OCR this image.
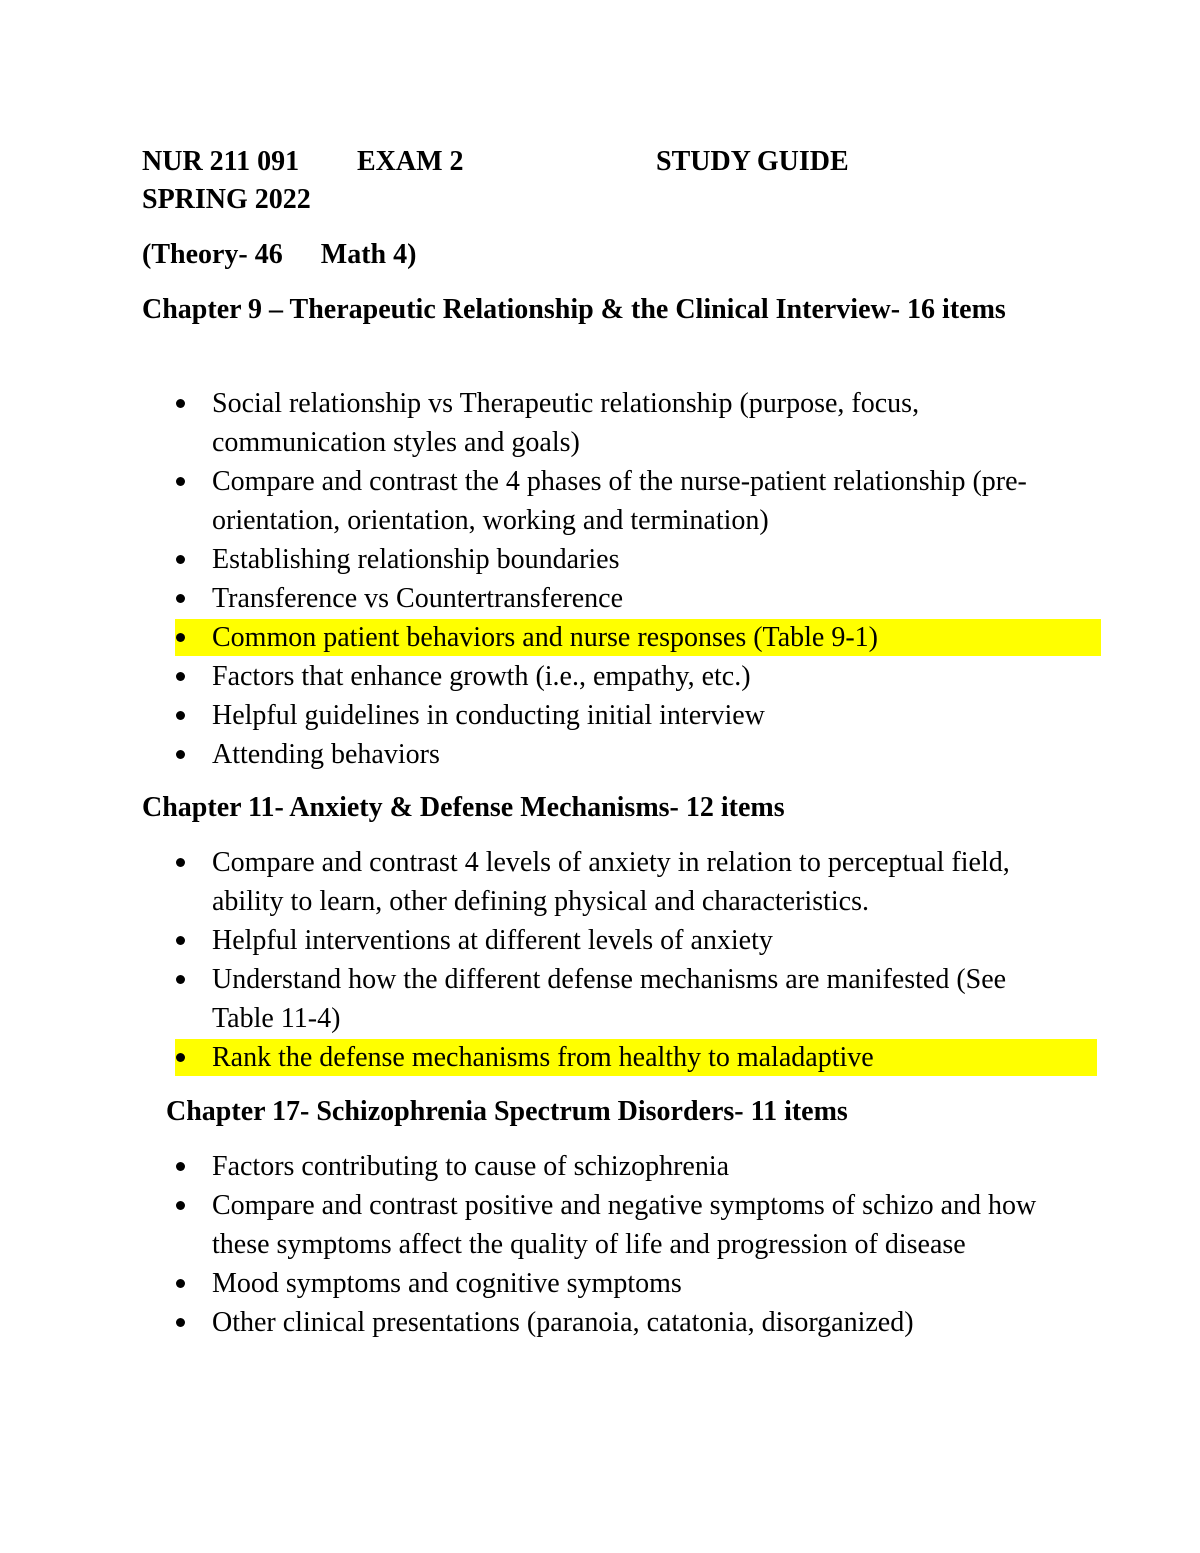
NUR 211 091 EXAM 2	STUDY GUIDE
SPRING 2022
(Theory- 46 Math 4)
Chapter 9 – Therapeutic Relationship & the Clinical Interview- 16 items
Social relationship vs Therapeutic relationship (purpose, focus, communication styles and goals)
Compare and contrast the 4 phases of the nurse-patient relationship (pre-orientation, orientation, working and termination)
Establishing relationship boundaries
Transference vs Countertransference
Common patient behaviors and nurse responses (Table 9-1)
Factors that enhance growth (i.e., empathy, etc.)
Helpful guidelines in conducting initial interview
Attending behaviors
Chapter 11- Anxiety & Defense Mechanisms- 12 items
Compare and contrast 4 levels of anxiety in relation to perceptual field, ability to learn, other defining physical and characteristics.
Helpful interventions at different levels of anxiety
Understand how the different defense mechanisms are manifested (See Table 11-4)
Rank the defense mechanisms from healthy to maladaptive
Chapter 17- Schizophrenia Spectrum Disorders- 11 items
Factors contributing to cause of schizophrenia
Compare and contrast positive and negative symptoms of schizo and how these symptoms affect the quality of life and progression of disease
Mood symptoms and cognitive symptoms
Other clinical presentations (paranoia, catatonia, disorganized)
